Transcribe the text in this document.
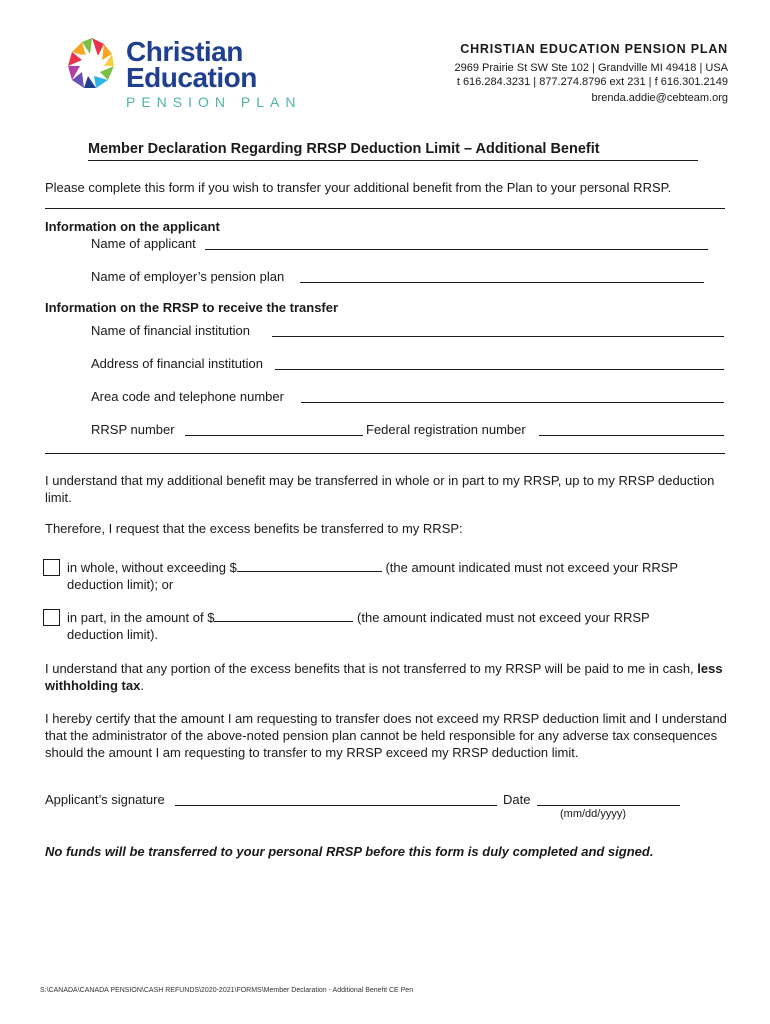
Christian
Education
PENSION PLAN
CHRISTIAN EDUCATION PENSION PLAN
2969 Prairie St SW Ste 102 | Grandville MI 49418 | USA
t 616.284.3231 | 877.274.8796 ext 231 | f 616.301.2149
brenda.addie@cebteam.org
Member Declaration Regarding RRSP Deduction Limit – Additional Benefit
Please complete this form if you wish to transfer your additional benefit from the Plan to your personal RRSP.
Information on the applicant
Name of applicant
Name of employer’s pension plan
Information on the RRSP to receive the transfer
Name of financial institution
Address of financial institution
Area code and telephone number
RRSP number	Federal registration number
I understand that my additional benefit may be transferred in whole or in part to my RRSP, up to my RRSP deduction limit.
Therefore, I request that the excess benefits be transferred to my RRSP:
in whole, without exceeding $	(the amount indicated must not exceed your RRSP
deduction limit); or
in part, in the amount of $	(the amount indicated must not exceed your RRSP
deduction limit).
I understand that any portion of the excess benefits that is not transferred to my RRSP will be paid to me in cash, less withholding tax.
I hereby certify that the amount I am requesting to transfer does not exceed my RRSP deduction limit and I understand that the administrator of the above-noted pension plan cannot be held responsible for any adverse tax consequences should the amount I am requesting to transfer to my RRSP exceed my RRSP deduction limit.
Applicant’s signature	Date
(mm/dd/yyyy)
No funds will be transferred to your personal RRSP before this form is duly completed and signed.
S:\CANADA\CANADA PENSION\CASH REFUNDS\2020-2021\FORMS\Member Declaration - Additional Benefit CE Pen
